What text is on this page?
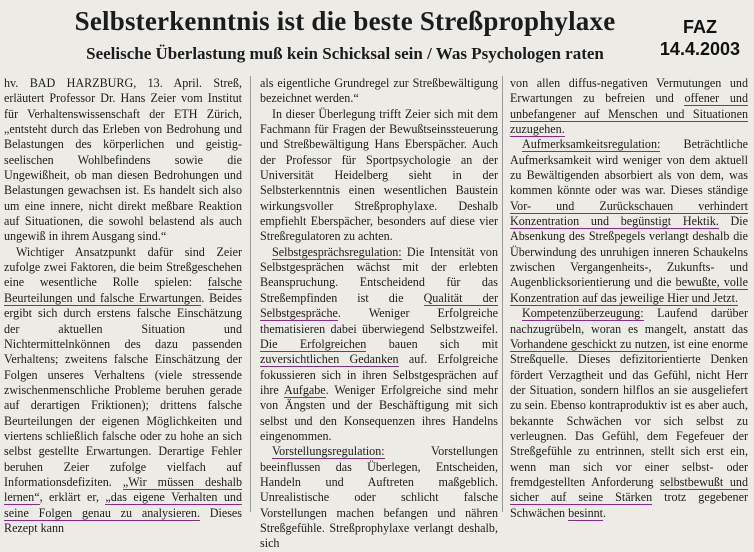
Selbsterkenntnis ist die beste Streßprophylaxe
Seelische Überlastung muß kein Schicksal sein / Was Psychologen raten
FAZ
14.4.2003

hv. BAD HARZBURG, 13. April. Streß, erläutert Professor Dr. Hans Zeier vom Institut für Verhaltenswissenschaft der ETH Zürich, „entsteht durch das Erleben von Bedrohung und Belastungen des körperlichen und geistig-seelischen Wohlbefindens sowie die Ungewißheit, ob man diesen Bedrohungen und Belastungen gewachsen ist. Es handelt sich also um eine innere, nicht direkt meßbare Reaktion auf Situationen, die sowohl belastend als auch ungewiß in ihrem Ausgang sind.“

Wichtiger Ansatzpunkt dafür sind Zeier zufolge zwei Faktoren, die beim Streßgeschehen eine wesentliche Rolle spielen: falsche Beurteilungen und falsche Erwartungen. Beides ergibt sich durch erstens falsche Einschätzung der aktuellen Situation und Nichtermittelnkönnen des dazu passenden Verhaltens; zweitens falsche Einschätzung der Folgen unseres Verhaltens (viele stressende zwischenmenschliche Probleme beruhen gerade auf derartigen Friktionen); drittens falsche Beurteilungen der eigenen Möglichkeiten und viertens schließlich falsche oder zu hohe an sich selbst gestellte Erwartungen. Derartige Fehler beruhen Zeier zufolge vielfach auf Informationsdefiziten. „Wir müssen deshalb lernen“, erklärt er, „das eigene Verhalten und seine Folgen genau zu analysieren. Dieses Rezept kann

als eigentliche Grundregel zur Streßbewältigung bezeichnet werden.“

In dieser Überlegung trifft Zeier sich mit dem Fachmann für Fragen der Bewußtseinssteuerung und Streßbewältigung Hans Eberspächer. Auch der Professor für Sportpsychologie an der Universität Heidelberg sieht in der Selbsterkenntnis einen wesentlichen Baustein wirkungsvoller Streßprophylaxe. Deshalb empfiehlt Eberspächer, besonders auf diese vier Streßregulatoren zu achten.

Selbstgesprächsregulation: Die Intensität von Selbstgesprächen wächst mit der erlebten Beanspruchung. Entscheidend für das Streßempfinden ist die Qualität der Selbstgespräche. Weniger Erfolgreiche thematisieren dabei überwiegend Selbstzweifel. Die Erfolgreichen bauen sich mit zuversichtlichen Gedanken auf. Erfolgreiche fokussieren sich in ihren Selbstgesprächen auf ihre Aufgabe. Weniger Erfolgreiche sind mehr von Ängsten und der Beschäftigung mit sich selbst und den Konsequenzen ihres Handelns eingenommen.

Vorstellungsregulation: Vorstellungen beeinflussen das Überlegen, Entscheiden, Handeln und Auftreten maßgeblich. Unrealistische oder schlicht falsche Vorstellungen machen befangen und nähren Streßgefühle. Streßprophylaxe verlangt deshalb, sich

von allen diffus-negativen Vermutungen und Erwartungen zu befreien und offener und unbefangener auf Menschen und Situationen zuzugehen.

Aufmerksamkeitsregulation: Beträchtliche Aufmerksamkeit wird weniger von dem aktuell zu Bewältigenden absorbiert als von dem, was kommen könnte oder was war. Dieses ständige Vor- und Zurückschauen verhindert Konzentration und begünstigt Hektik. Die Absenkung des Streßpegels verlangt deshalb die Überwindung des unruhigen inneren Schaukelns zwischen Vergangenheits-, Zukunfts- und Augenblicksorientierung und die bewußte, volle Konzentration auf das jeweilige Hier und Jetzt.

Kompetenzüberzeugung: Laufend darüber nachzugrübeln, woran es mangelt, anstatt das Vorhandene geschickt zu nutzen, ist eine enorme Streßquelle. Dieses defizitorientierte Denken fördert Verzagtheit und das Gefühl, nicht Herr der Situation, sondern hilflos an sie ausgeliefert zu sein. Ebenso kontraproduktiv ist es aber auch, bekannte Schwächen vor sich selbst zu verleugnen. Das Gefühl, dem Fegefeuer der Streßgefühle zu entrinnen, stellt sich erst ein, wenn man sich vor einer selbst- oder fremdgestellten Anforderung selbstbewußt und sicher auf seine Stärken trotz gegebener Schwächen besinnt.
